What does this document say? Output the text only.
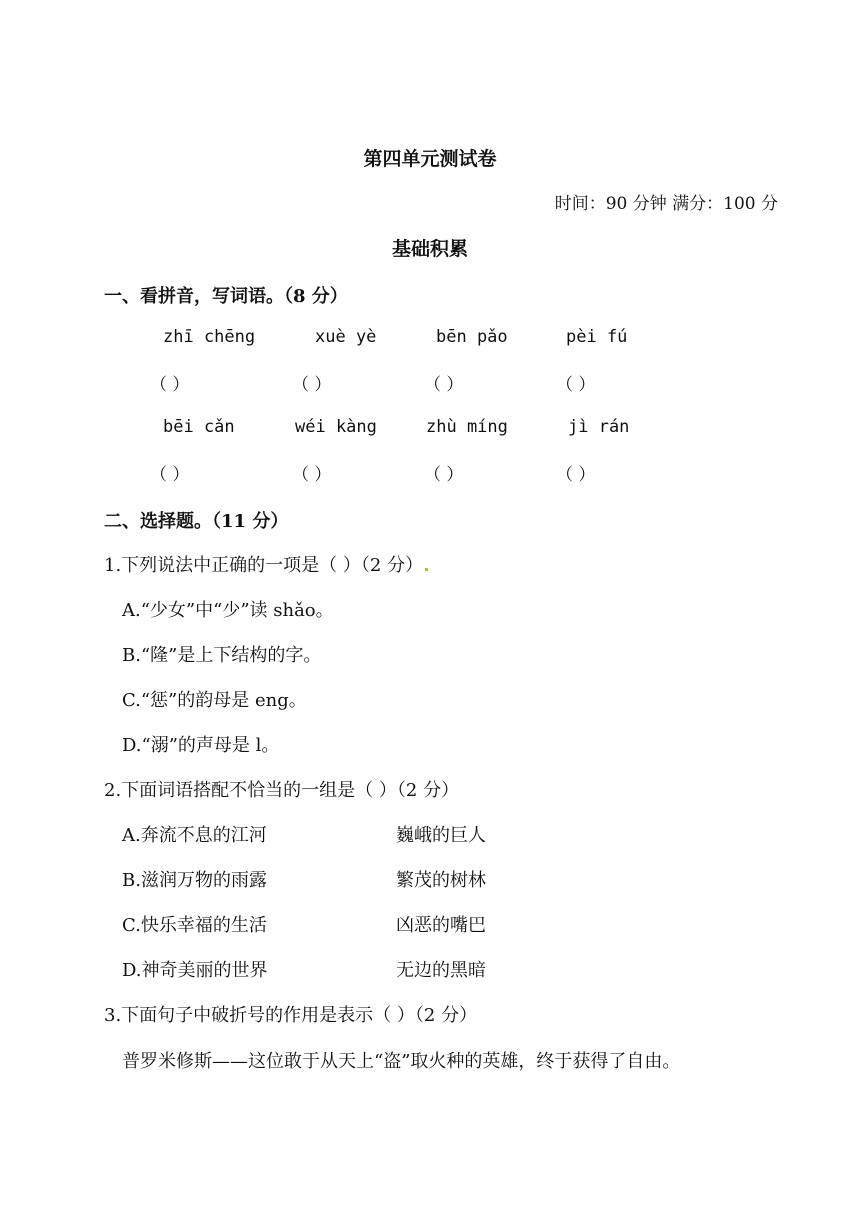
第四单元测试卷
时间：90 分钟 满分：100 分
基础积累
一、看拼音，写词语。（8 分）
zhī chēng	xuè yè	bēn pǎo	pèi fú
（ ）	（ ）	（ ）	（ ）
bēi cǎn	wéi kàng	zhù míng	jì rán
（ ）	（ ）	（ ）	（ ）
二、选择题。（11 分）
1.下列说法中正确的一项是（ ）（2 分）
A.“少女”中“少”读 shǎo。
B.“隆”是上下结构的字。
C.“惩”的韵母是 eng。
D.“溺”的声母是 l。
2.下面词语搭配不恰当的一组是（ ）（2 分）
A.奔流不息的江河	巍峨的巨人
B.滋润万物的雨露	繁茂的树林
C.快乐幸福的生活	凶恶的嘴巴
D.神奇美丽的世界	无边的黑暗
3.下面句子中破折号的作用是表示（ ）（2 分）
普罗米修斯——这位敢于从天上“盗”取火种的英雄，终于获得了自由。
